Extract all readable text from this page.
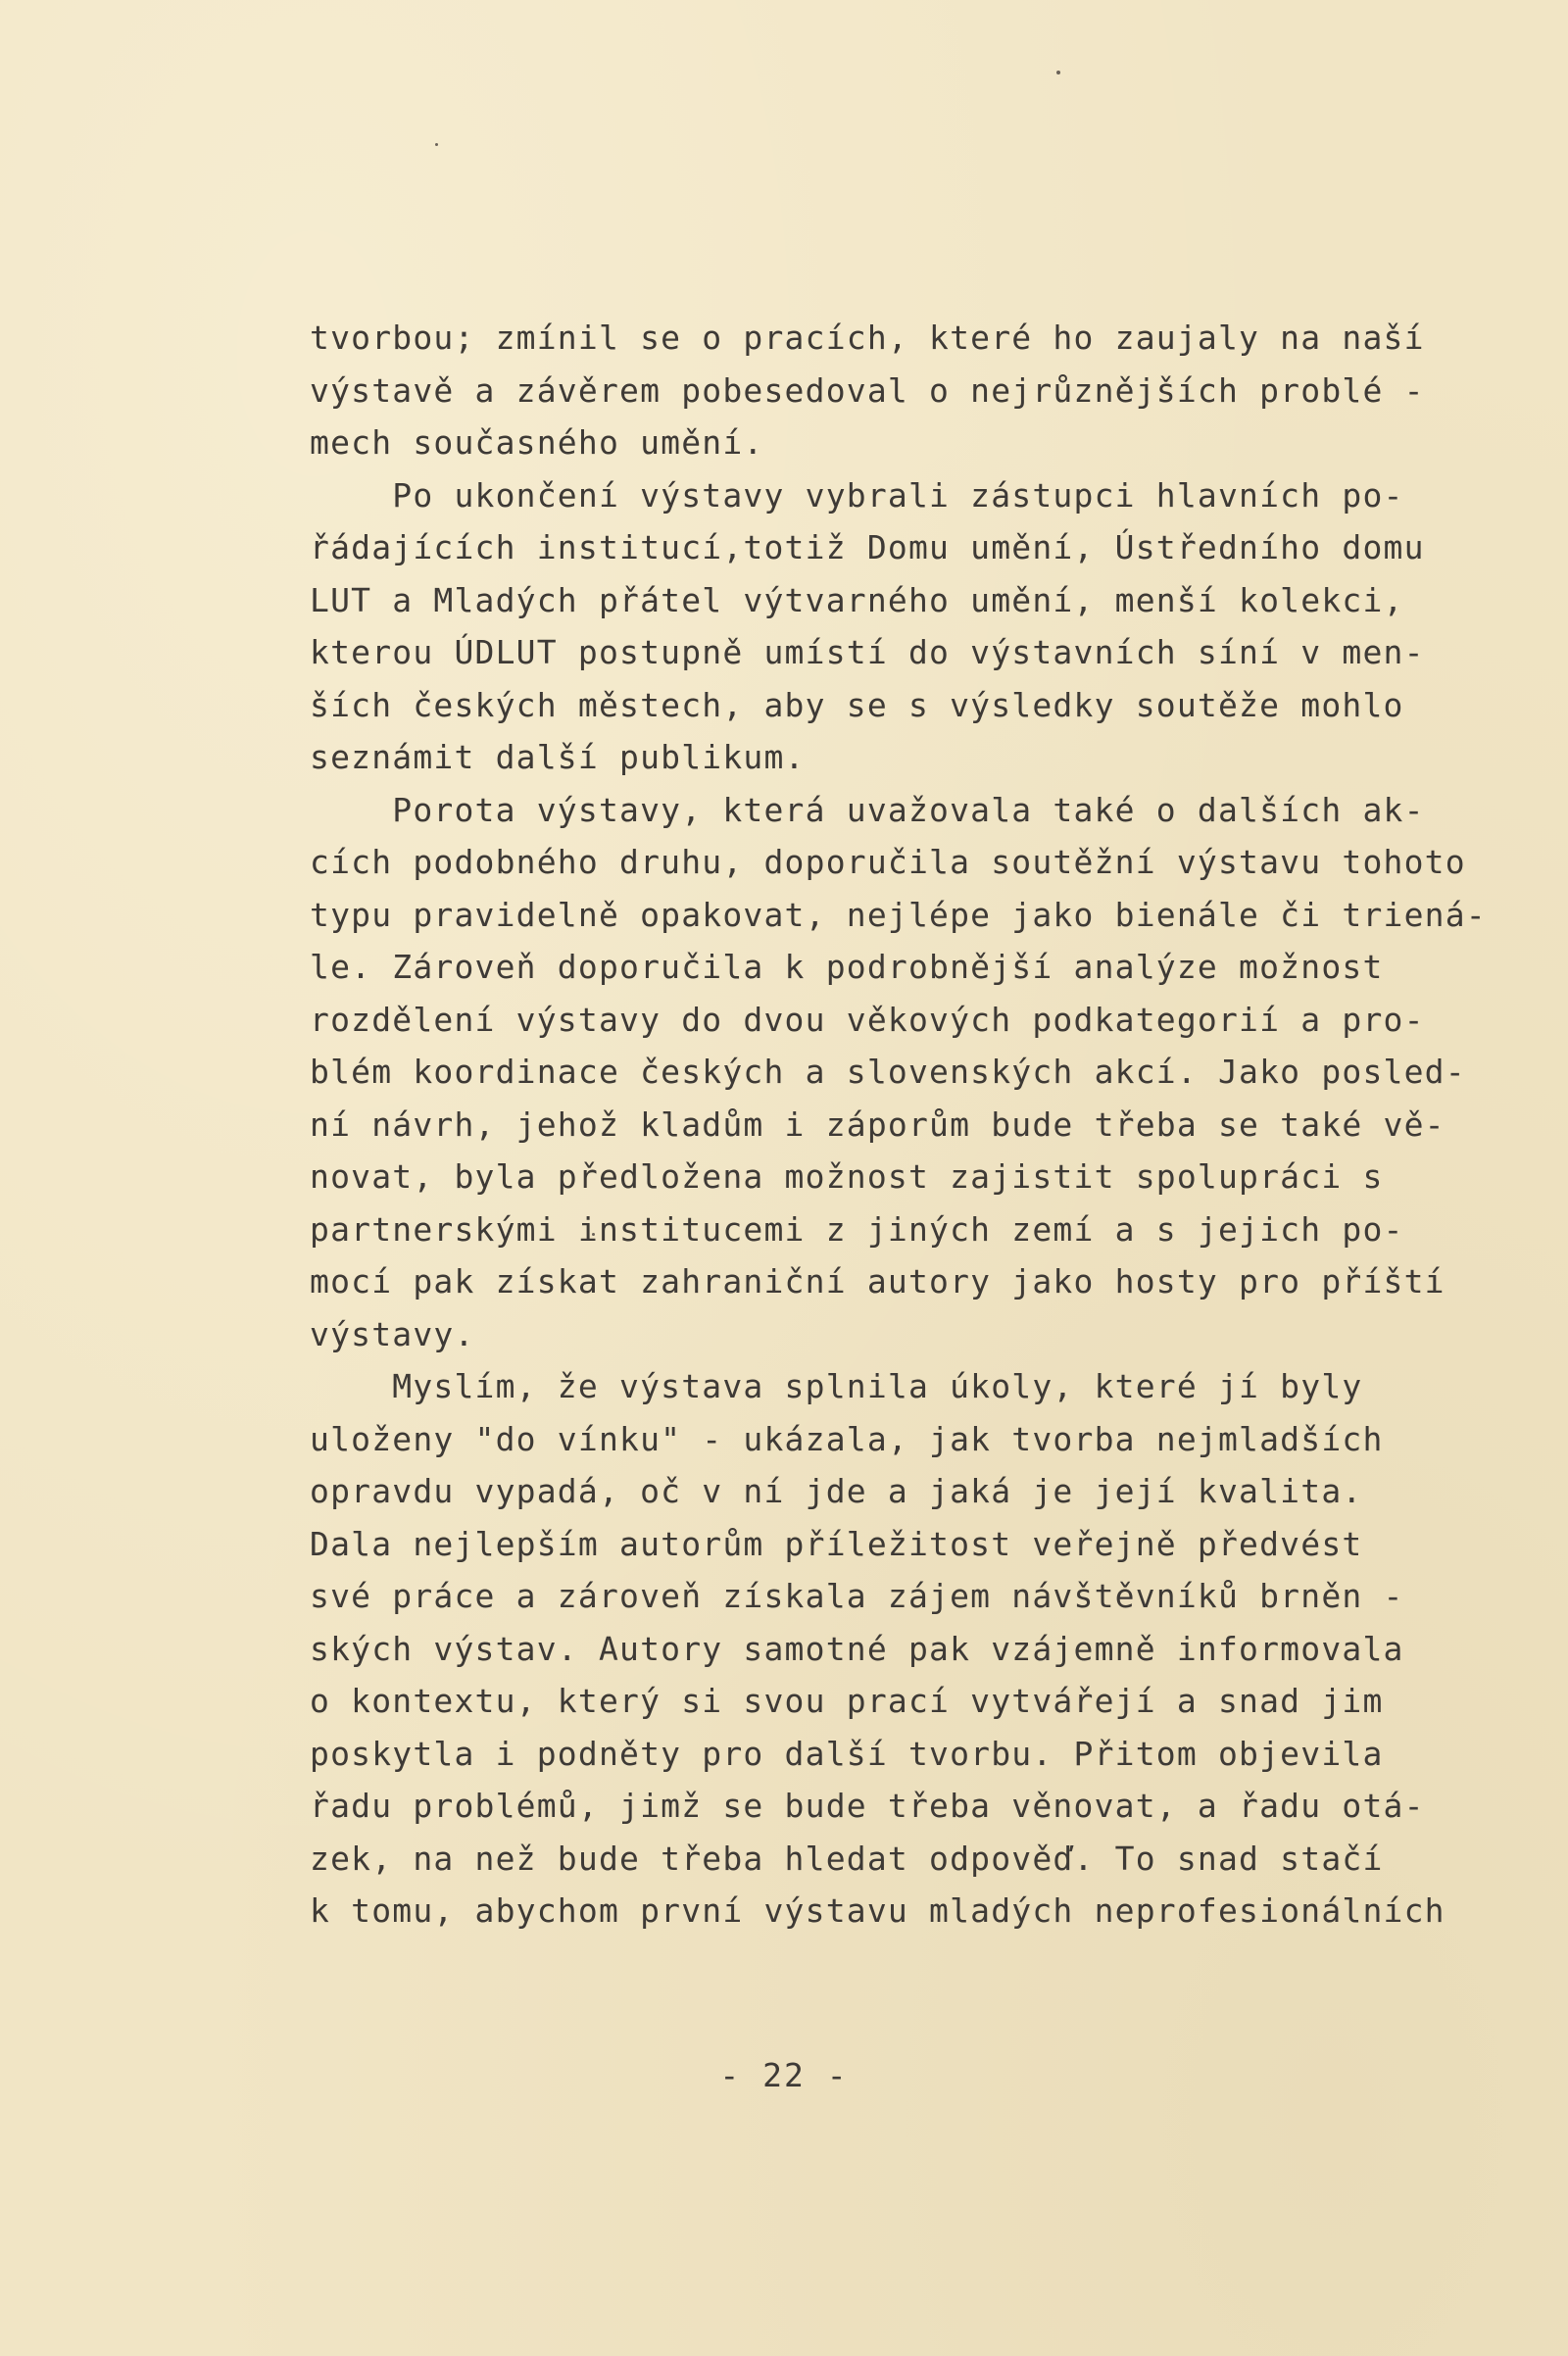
tvorbou; zmínil se o pracích, které ho zaujaly na naší
výstavě a závěrem pobesedoval o nejrůznějších problé -
mech současného umění.
Po ukončení výstavy vybrali zástupci hlavních po-
řádajících institucí,totiž Domu umění, Ústředního domu
LUT a Mladých přátel výtvarného umění, menší kolekci,
kterou ÚDLUT postupně umístí do výstavních síní v men-
ších českých městech, aby se s výsledky soutěže mohlo
seznámit další publikum.
Porota výstavy, která uvažovala také o dalších ak-
cích podobného druhu, doporučila soutěžní výstavu tohoto
typu pravidelně opakovat, nejlépe jako bienále či triená-
le. Zároveň doporučila k podrobnější analýze možnost
rozdělení výstavy do dvou věkových podkategorií a pro-
blém koordinace českých a slovenských akcí. Jako posled-
ní návrh, jehož kladům i záporům bude třeba se také vě-
novat, byla předložena možnost zajistit spolupráci s
partnerskými institucemi z jiných zemí a s jejich po-
mocí pak získat zahraniční autory jako hosty pro příští
výstavy.
Myslím, že výstava splnila úkoly, které jí byly
uloženy "do vínku" - ukázala, jak tvorba nejmladších
opravdu vypadá, oč v ní jde a jaká je její kvalita.
Dala nejlepším autorům příležitost veřejně předvést
své práce a zároveň získala zájem návštěvníků brněn -
ských výstav. Autory samotné pak vzájemně informovala
o kontextu, který si svou prací vytvářejí a snad jim
poskytla i podněty pro další tvorbu. Přitom objevila
řadu problémů, jimž se bude třeba věnovat, a řadu otá-
zek, na než bude třeba hledat odpověď. To snad stačí
k tomu, abychom první výstavu mladých neprofesionálních
- 22 -
